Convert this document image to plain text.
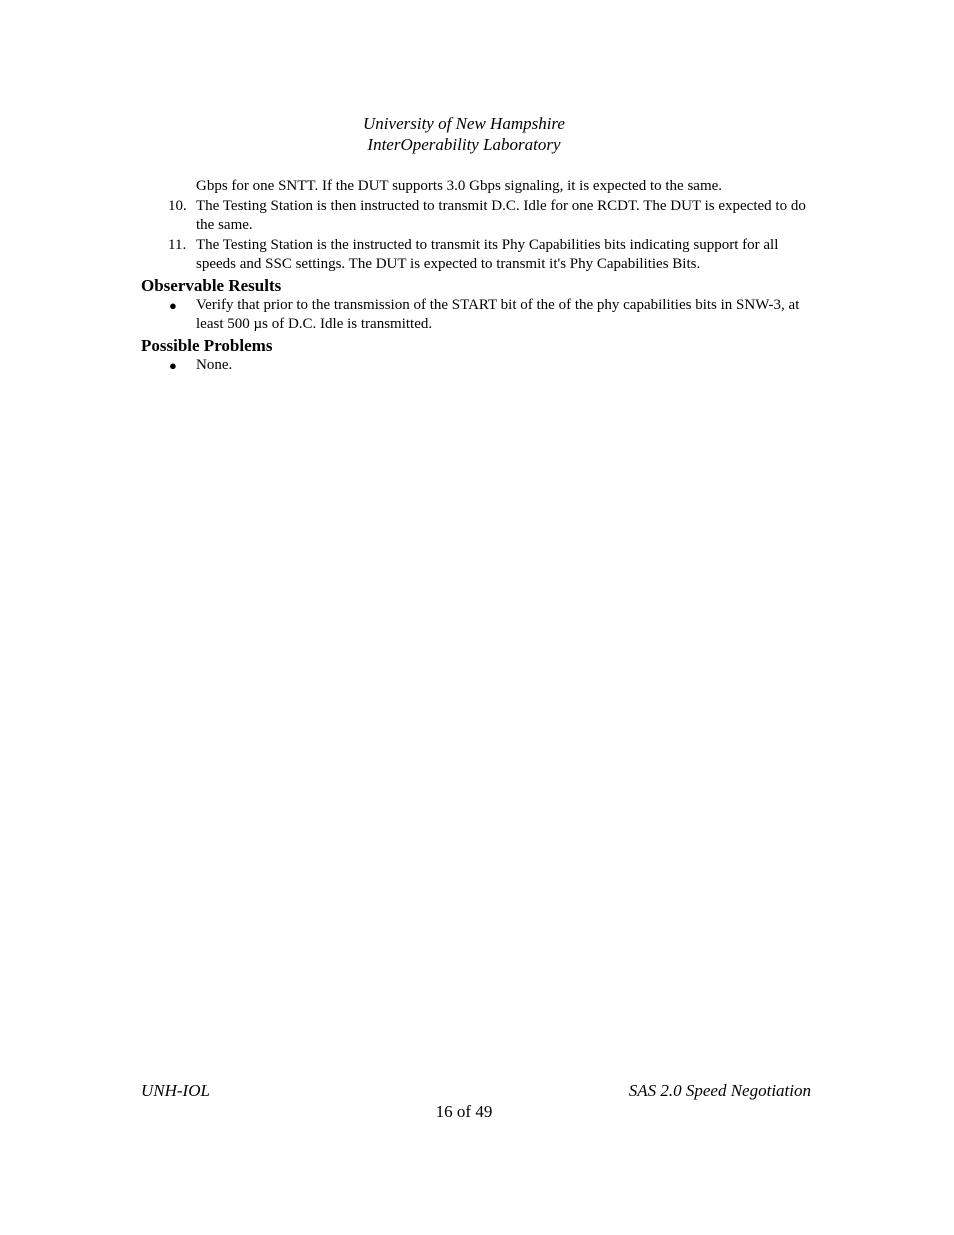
University of New Hampshire
InterOperability Laboratory
Gbps for one SNTT. If the DUT supports 3.0 Gbps signaling, it is expected to the same.
10. The Testing Station is then instructed to transmit D.C. Idle for one RCDT. The DUT is expected to do the same.
11. The Testing Station is the instructed to transmit its Phy Capabilities bits indicating support for all speeds and SSC settings. The DUT is expected to transmit it's Phy Capabilities Bits.
Observable Results
● Verify that prior to the transmission of the START bit of the of the phy capabilities bits in SNW-3, at least 500 µs of D.C. Idle is transmitted.
Possible Problems
● None.
UNH-IOL	SAS 2.0 Speed Negotiation
16 of 49
